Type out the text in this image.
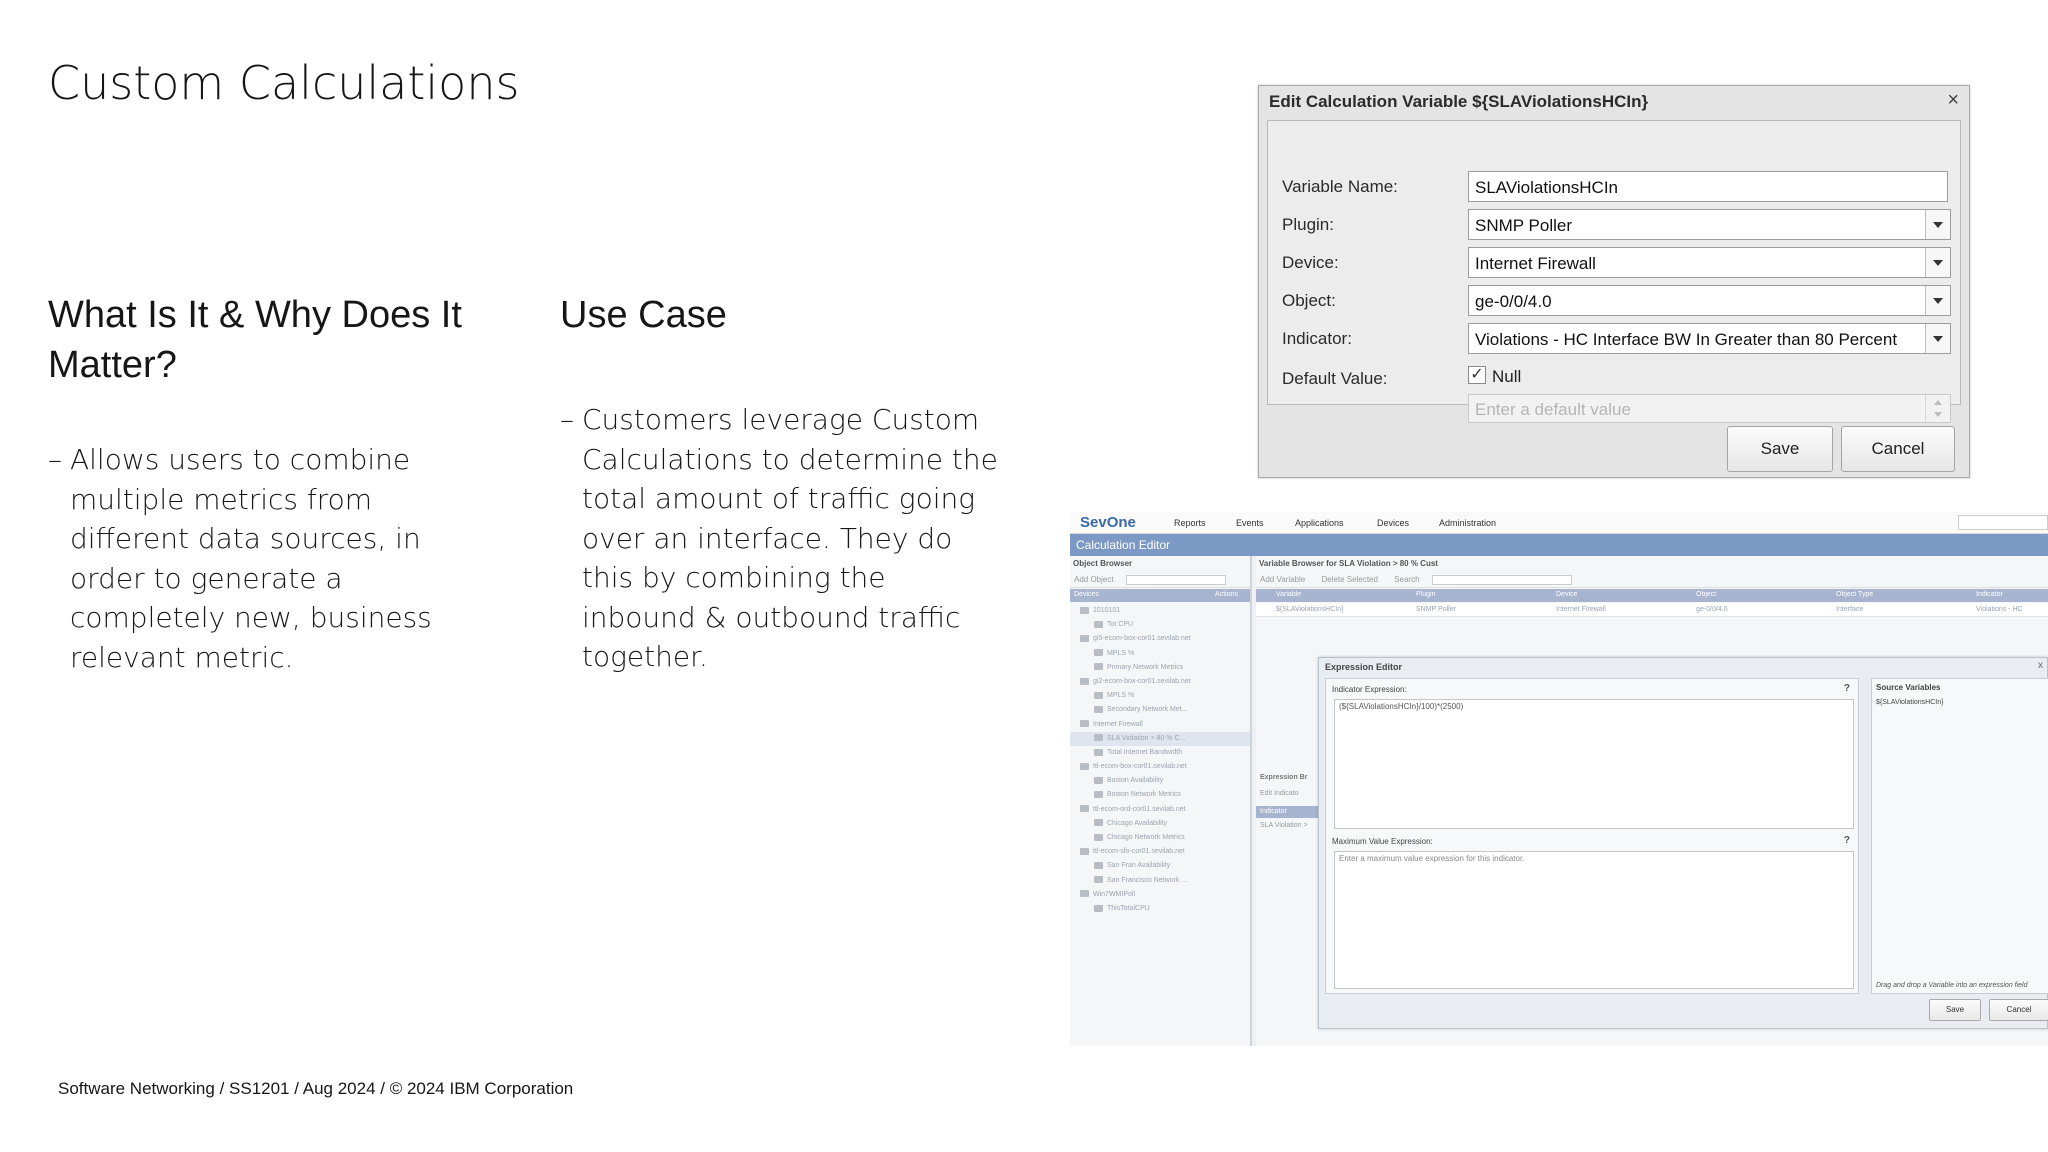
Custom Calculations
What Is It & Why Does It Matter?
– Allows users to combine multiple metrics from different data sources, in order to generate a completely new, business relevant metric.
Use Case
– Customers leverage Custom Calculations to determine the total amount of traffic going over an interface. They do this by combining the inbound & outbound traffic together.
Software Networking / SS1201 / Aug 2024 / © 2024 IBM Corporation
Edit Calculation Variable ${SLAViolationsHCIn}	×
Variable Name:	SLAViolationsHCIn
Plugin:	SNMP Poller
Device:	Internet Firewall
Object:	ge-0/0/4.0
Indicator:	Violations - HC Interface BW In Greater than 80 Percent
Default Value:	✓ Null
Enter a default value
Save	Cancel
SevOne	Reports	Events	Applications	Devices	Administration
Calculation Editor
Object Browser
Add Object
Devices	Actions
1010101
Tot CPU
gi5-ecom-box-cor01.sevilab.net
MPLS %
Primary Network Metrics
gi2-ecom-box-cor01.sevilab.net
MPLS %
Secondary Network Met...
Internet Firewall
SLA Violation > 80 % C...
Total Internet Bandwidth
ttl-ecom-box-cor01.sevilab.net
Boston Availability
Boston Network Metrics
ttl-ecom-ord-cor01.sevilab.net
Chicago Availability
Chicago Network Metrics
ttl-ecom-sfo-cor01.sevilab.net
San Fran Availability
San Francisco Network ...
Win7WMIPoll
ThisTotalCPU
Variable Browser for SLA Violation > 80 % Cust
Add Variable Delete Selected Search
Variable	Plugin	Device	Object	Object Type	Indicator
${SLAViolationsHCIn}	SNMP Poller	Internet Firewall	ge-0/0/4.0	Interface	Violations - HC
Expression Br
Edit Indicato
Indicator
SLA Violation >
Expression Editor	x
Indicator Expression:	?
(${SLAViolationsHCIn}/100)*(2500)
Maximum Value Expression:	?
Enter a maximum value expression for this indicator.
Source Variables
${SLAViolationsHCIn}
Drag and drop a Variable into an expression field
Save	Cancel
